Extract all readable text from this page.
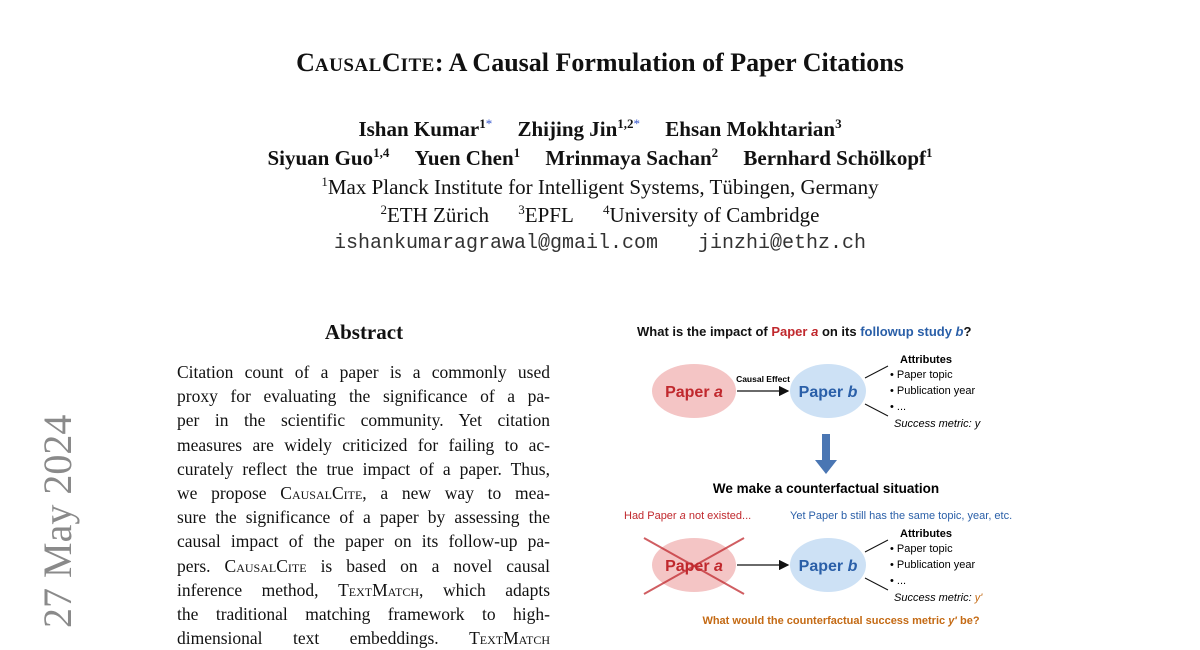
CAUSALCITE: A Causal Formulation of Paper Citations
Ishan Kumar$^{1*}$ Zhijing Jin$^{1,2*}$ Ehsan Mokhtarian$^3$
Siyuan Guo$^{1,4}$ Yuen Chen$^1$ Mrinmaya Sachan$^2$ Bernhard Schölkopf$^1$
$^1$Max Planck Institute for Intelligent Systems, Tübingen, Germany
$^2$ETH Zürich $^3$EPFL $^4$University of Cambridge
ishankumaragrawal@gmail.com jinzhi@ethz.ch
27 May 2024
Abstract
Citation count of a paper is a commonly used
proxy for evaluating the significance of a pa-
per in the scientific community. Yet citation
measures are widely criticized for failing to ac-
curately reflect the true impact of a paper. Thus,
we propose CausalCite, a new way to mea-
sure the significance of a paper by assessing the
causal impact of the paper on its follow-up pa-
pers. CausalCite is based on a novel causal
inference method, TextMatch, which adapts
the traditional matching framework to high-
dimensional text embeddings. TextMatch
What is the impact of Paper a on its followup study b?
Paper a
Causal Effect
Paper b
Attributes
• Paper topic
• Publication year
• ...
Success metric: y
We make a counterfactual situation
Had Paper a not existed...	Yet Paper b still has the same topic, year, etc.
Paper a	Paper b
Attributes
• Paper topic
• Publication year
• ...
Success metric: y'
What would the counterfactual success metric y' be?
